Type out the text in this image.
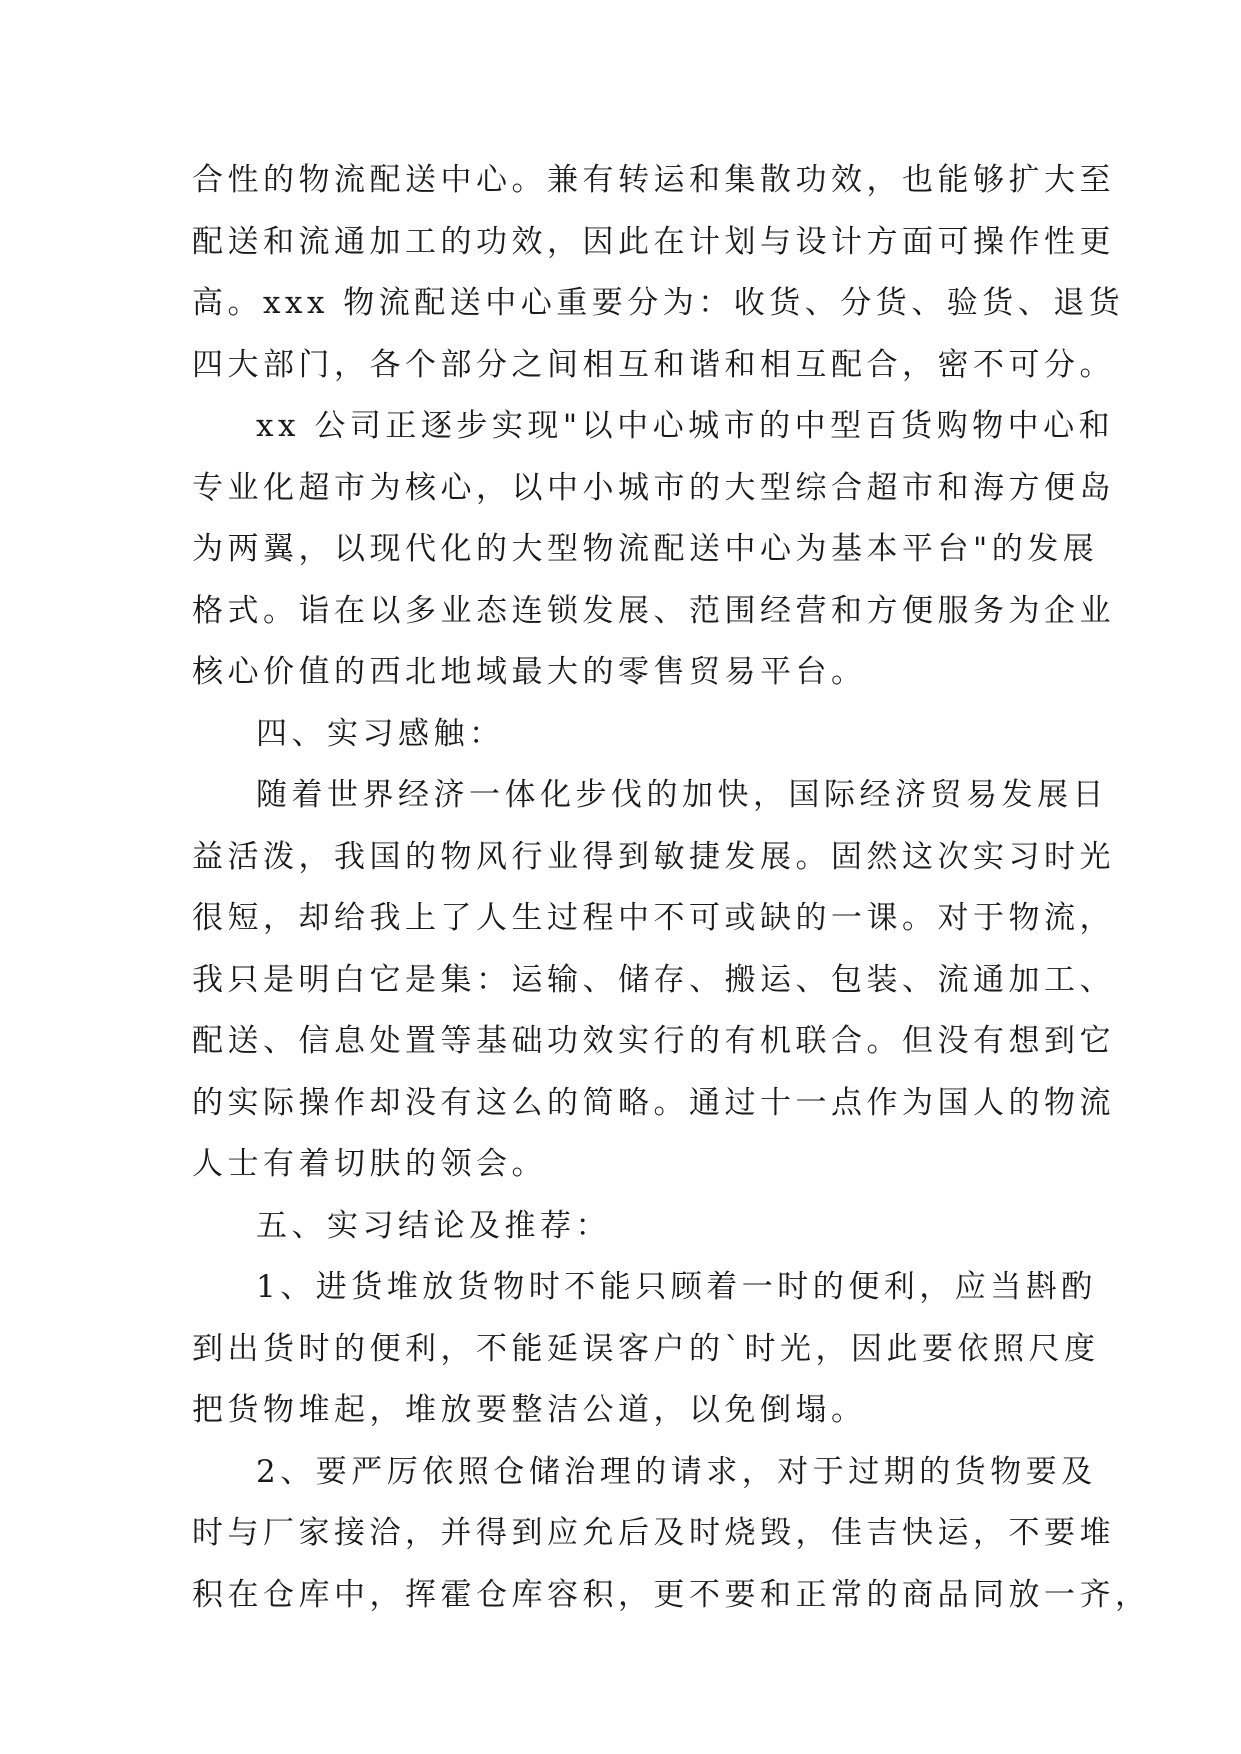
合性的物流配送中心。兼有转运和集散功效，也能够扩大至
配送和流通加工的功效，因此在计划与设计方面可操作性更
高。xxx 物流配送中心重要分为：收货、分货、验货、退货
四大部门，各个部分之间相互和谐和相互配合，密不可分。
xx 公司正逐步实现"以中心城市的中型百货购物中心和
专业化超市为核心，以中小城市的大型综合超市和海方便岛
为两翼，以现代化的大型物流配送中心为基本平台"的发展
格式。诣在以多业态连锁发展、范围经营和方便服务为企业
核心价值的西北地域最大的零售贸易平台。
四、实习感触：
随着世界经济一体化步伐的加快，国际经济贸易发展日
益活泼，我国的物风行业得到敏捷发展。固然这次实习时光
很短，却给我上了人生过程中不可或缺的一课。对于物流，
我只是明白它是集：运输、储存、搬运、包装、流通加工、
配送、信息处置等基础功效实行的有机联合。但没有想到它
的实际操作却没有这么的简略。通过十一点作为国人的物流
人士有着切肤的领会。
五、实习结论及推荐：
1、进货堆放货物时不能只顾着一时的便利，应当斟酌
到出货时的便利，不能延误客户的`时光，因此要依照尺度
把货物堆起，堆放要整洁公道，以免倒塌。
2、要严厉依照仓储治理的请求，对于过期的货物要及
时与厂家接洽，并得到应允后及时烧毁，佳吉快运，不要堆
积在仓库中，挥霍仓库容积，更不要和正常的商品同放一齐，
